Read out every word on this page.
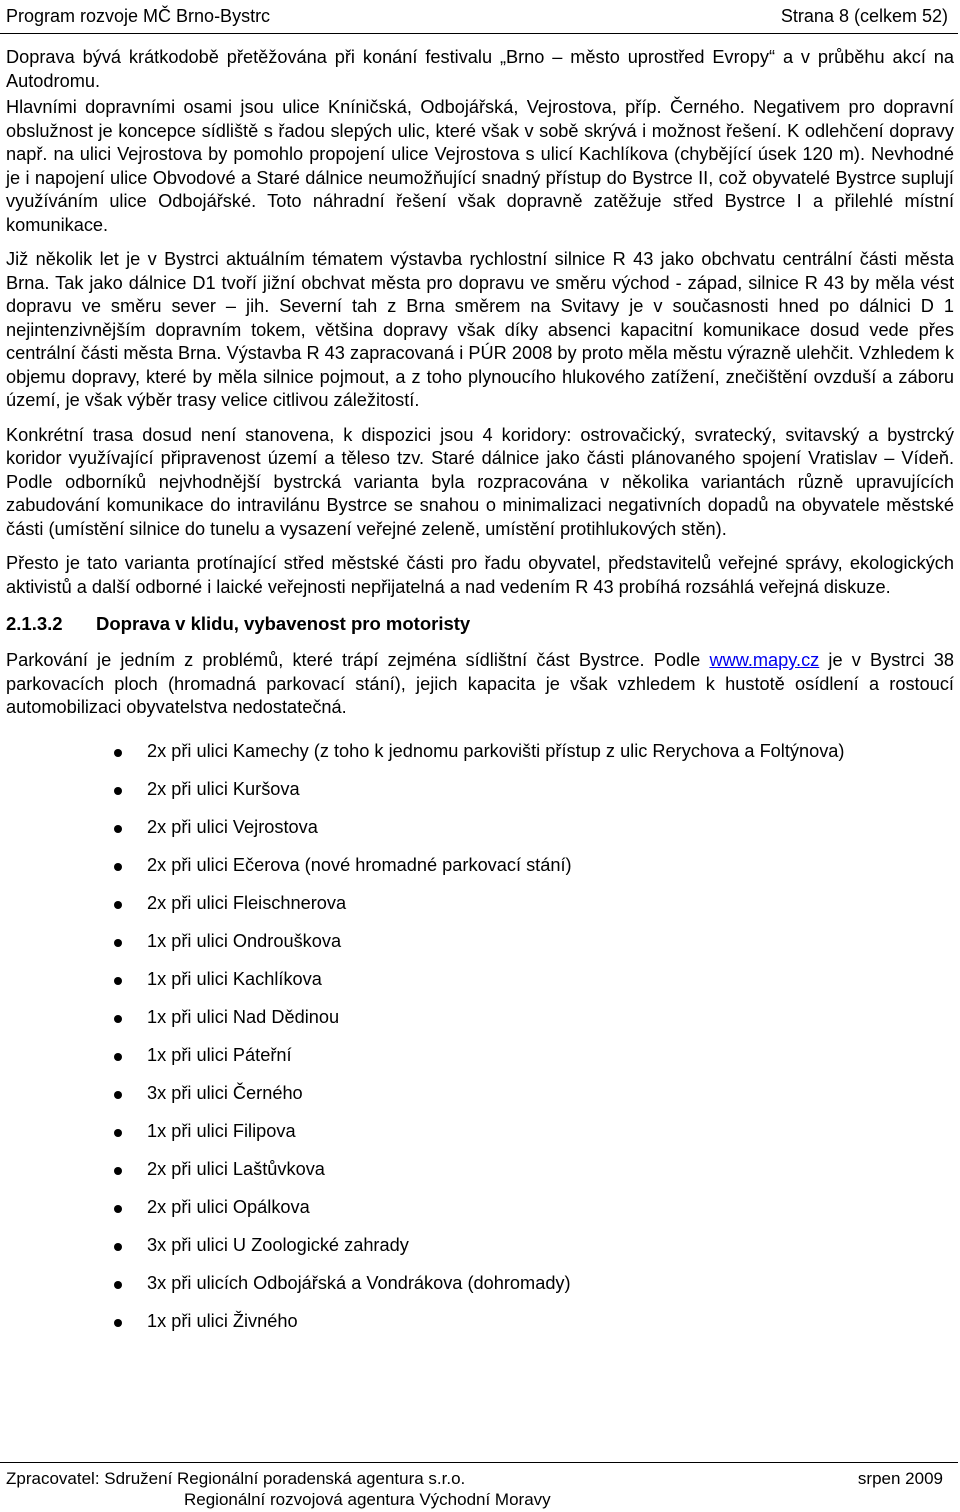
Program rozvoje MČ Brno-Bystrc	Strana 8 (celkem 52)

Doprava bývá krátkodobě přetěžována při konání festivalu „Brno – město uprostřed Evropy“ a v průběhu akcí na Autodromu.

Hlavními dopravními osami jsou ulice Kníničská, Odbojářská, Vejrostova, příp. Černého. Negativem pro dopravní obslužnost je koncepce sídliště s řadou slepých ulic, které však v sobě skrývá i možnost řešení. K odlehčení dopravy např. na ulici Vejrostova by pomohlo propojení ulice Vejrostova s ulicí Kachlíkova (chybějící úsek 120 m). Nevhodné je i napojení ulice Obvodové a Staré dálnice neumožňující snadný přístup do Bystrce II, což obyvatelé Bystrce suplují využíváním ulice Odbojářské. Toto náhradní řešení však dopravně zatěžuje střed Bystrce I a přilehlé místní komunikace.

Již několik let je v Bystrci aktuálním tématem výstavba rychlostní silnice R 43 jako obchvatu centrální části města Brna. Tak jako dálnice D1 tvoří jižní obchvat města pro dopravu ve směru východ - západ, silnice R 43 by měla vést dopravu ve směru sever – jih. Severní tah z Brna směrem na Svitavy je v současnosti hned po dálnici D 1 nejintenzivnějším dopravním tokem, většina dopravy však díky absenci kapacitní komunikace dosud vede přes centrální části města Brna. Výstavba R 43 zapracovaná i PÚR 2008 by proto měla městu výrazně ulehčit. Vzhledem k objemu dopravy, které by měla silnice pojmout, a z toho plynoucího hlukového zatížení, znečištění ovzduší a záboru území, je však výběr trasy velice citlivou záležitostí.

Konkrétní trasa dosud není stanovena, k dispozici jsou 4 koridory: ostrovačický, svratecký, svitavský a bystrcký koridor využívající připravenost území a těleso tzv. Staré dálnice jako části plánovaného spojení Vratislav – Vídeň. Podle odborníků nejvhodnější bystrcká varianta byla rozpracována v několika variantách různě upravujících zabudování komunikace do intravilánu Bystrce se snahou o minimalizaci negativních dopadů na obyvatele městské části (umístění silnice do tunelu a vysazení veřejné zeleně, umístění protihlukových stěn).

Přesto je tato varianta protínající střed městské části pro řadu obyvatel, představitelů veřejné správy, ekologických aktivistů a další odborné i laické veřejnosti nepřijatelná a nad vedením R 43 probíhá rozsáhlá veřejná diskuze.

2.1.3.2 Doprava v klidu, vybavenost pro motoristy

Parkování je jedním z problémů, které trápí zejména sídlištní část Bystrce. Podle www.mapy.cz je v Bystrci 38 parkovacích ploch (hromadná parkovací stání), jejich kapacita je však vzhledem k hustotě osídlení a rostoucí automobilizaci obyvatelstva nedostatečná.

2x při ulici Kamechy (z toho k jednomu parkovišti přístup z ulic Rerychova a Foltýnova)
2x při ulici Kuršova
2x při ulici Vejrostova
2x při ulici Ečerova (nové hromadné parkovací stání)
2x při ulici Fleischnerova
1x při ulici Ondrouškova
1x při ulici Kachlíkova
1x při ulici Nad Dědinou
1x při ulici Páteřní
3x při ulici Černého
1x při ulici Filipova
2x při ulici Laštůvkova
2x při ulici Opálkova
3x při ulici U Zoologické zahrady
3x při ulicích Odbojářská a Vondrákova (dohromady)
1x při ulici Živného
Zpracovatel: Sdružení Regionální poradenská agentura s.r.o.
Regionální rozvojová agentura Východní Moravy
srpen 2009
